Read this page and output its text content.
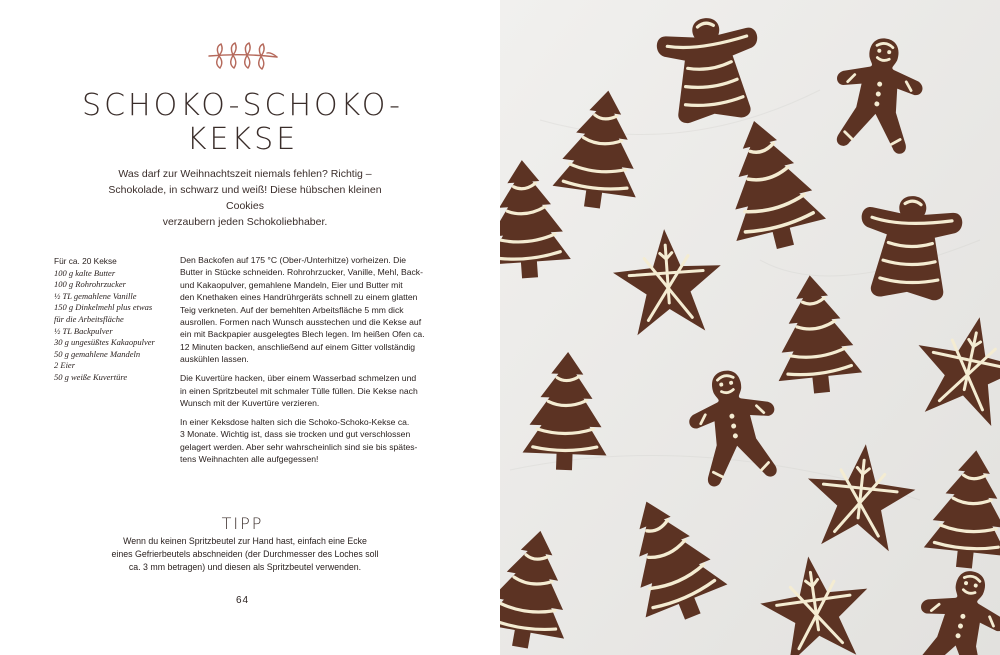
SCHOKO-SCHOKO-
KEKSE

Was darf zur Weihnachtszeit niemals fehlen? Richtig –
Schokolade, in schwarz und weiß! Diese hübschen kleinen Cookies
verzaubern jeden Schokoliebhaber.

Für ca. 20 Kekse
100 g kalte Butter
100 g Rohrohrzucker
½ TL gemahlene Vanille
150 g Dinkelmehl plus etwas
für die Arbeitsfläche
½ TL Backpulver
30 g ungesüßtes Kakaopulver
50 g gemahlene Mandeln
2 Eier
50 g weiße Kuvertüre

Den Backofen auf 175 °C (Ober-/Unterhitze) vorheizen. Die
Butter in Stücke schneiden. Rohrohrzucker, Vanille, Mehl, Back-
und Kakaopulver, gemahlene Mandeln, Eier und Butter mit
den Knethaken eines Handrührgeräts schnell zu einem glatten
Teig verkneten. Auf der bemehlten Arbeitsfläche 5 mm dick
ausrollen. Formen nach Wunsch ausstechen und die Kekse auf
ein mit Backpapier ausgelegtes Blech legen. Im heißen Ofen ca.
12 Minuten backen, anschließend auf einem Gitter vollständig
auskühlen lassen.

Die Kuvertüre hacken, über einem Wasserbad schmelzen und
in einen Spritzbeutel mit schmaler Tülle füllen. Die Kekse nach
Wunsch mit der Kuvertüre verzieren.

In einer Keksdose halten sich die Schoko-Schoko-Kekse ca.
3 Monate. Wichtig ist, dass sie trocken und gut verschlossen
gelagert werden. Aber sehr wahrscheinlich sind sie bis spätes-
tens Weihnachten alle aufgegessen!

TIPP

Wenn du keinen Spritzbeutel zur Hand hast, einfach eine Ecke
eines Gefrierbeutels abschneiden (der Durchmesser des Loches soll
ca. 3 mm betragen) und diesen als Spritzbeutel verwenden.

64
